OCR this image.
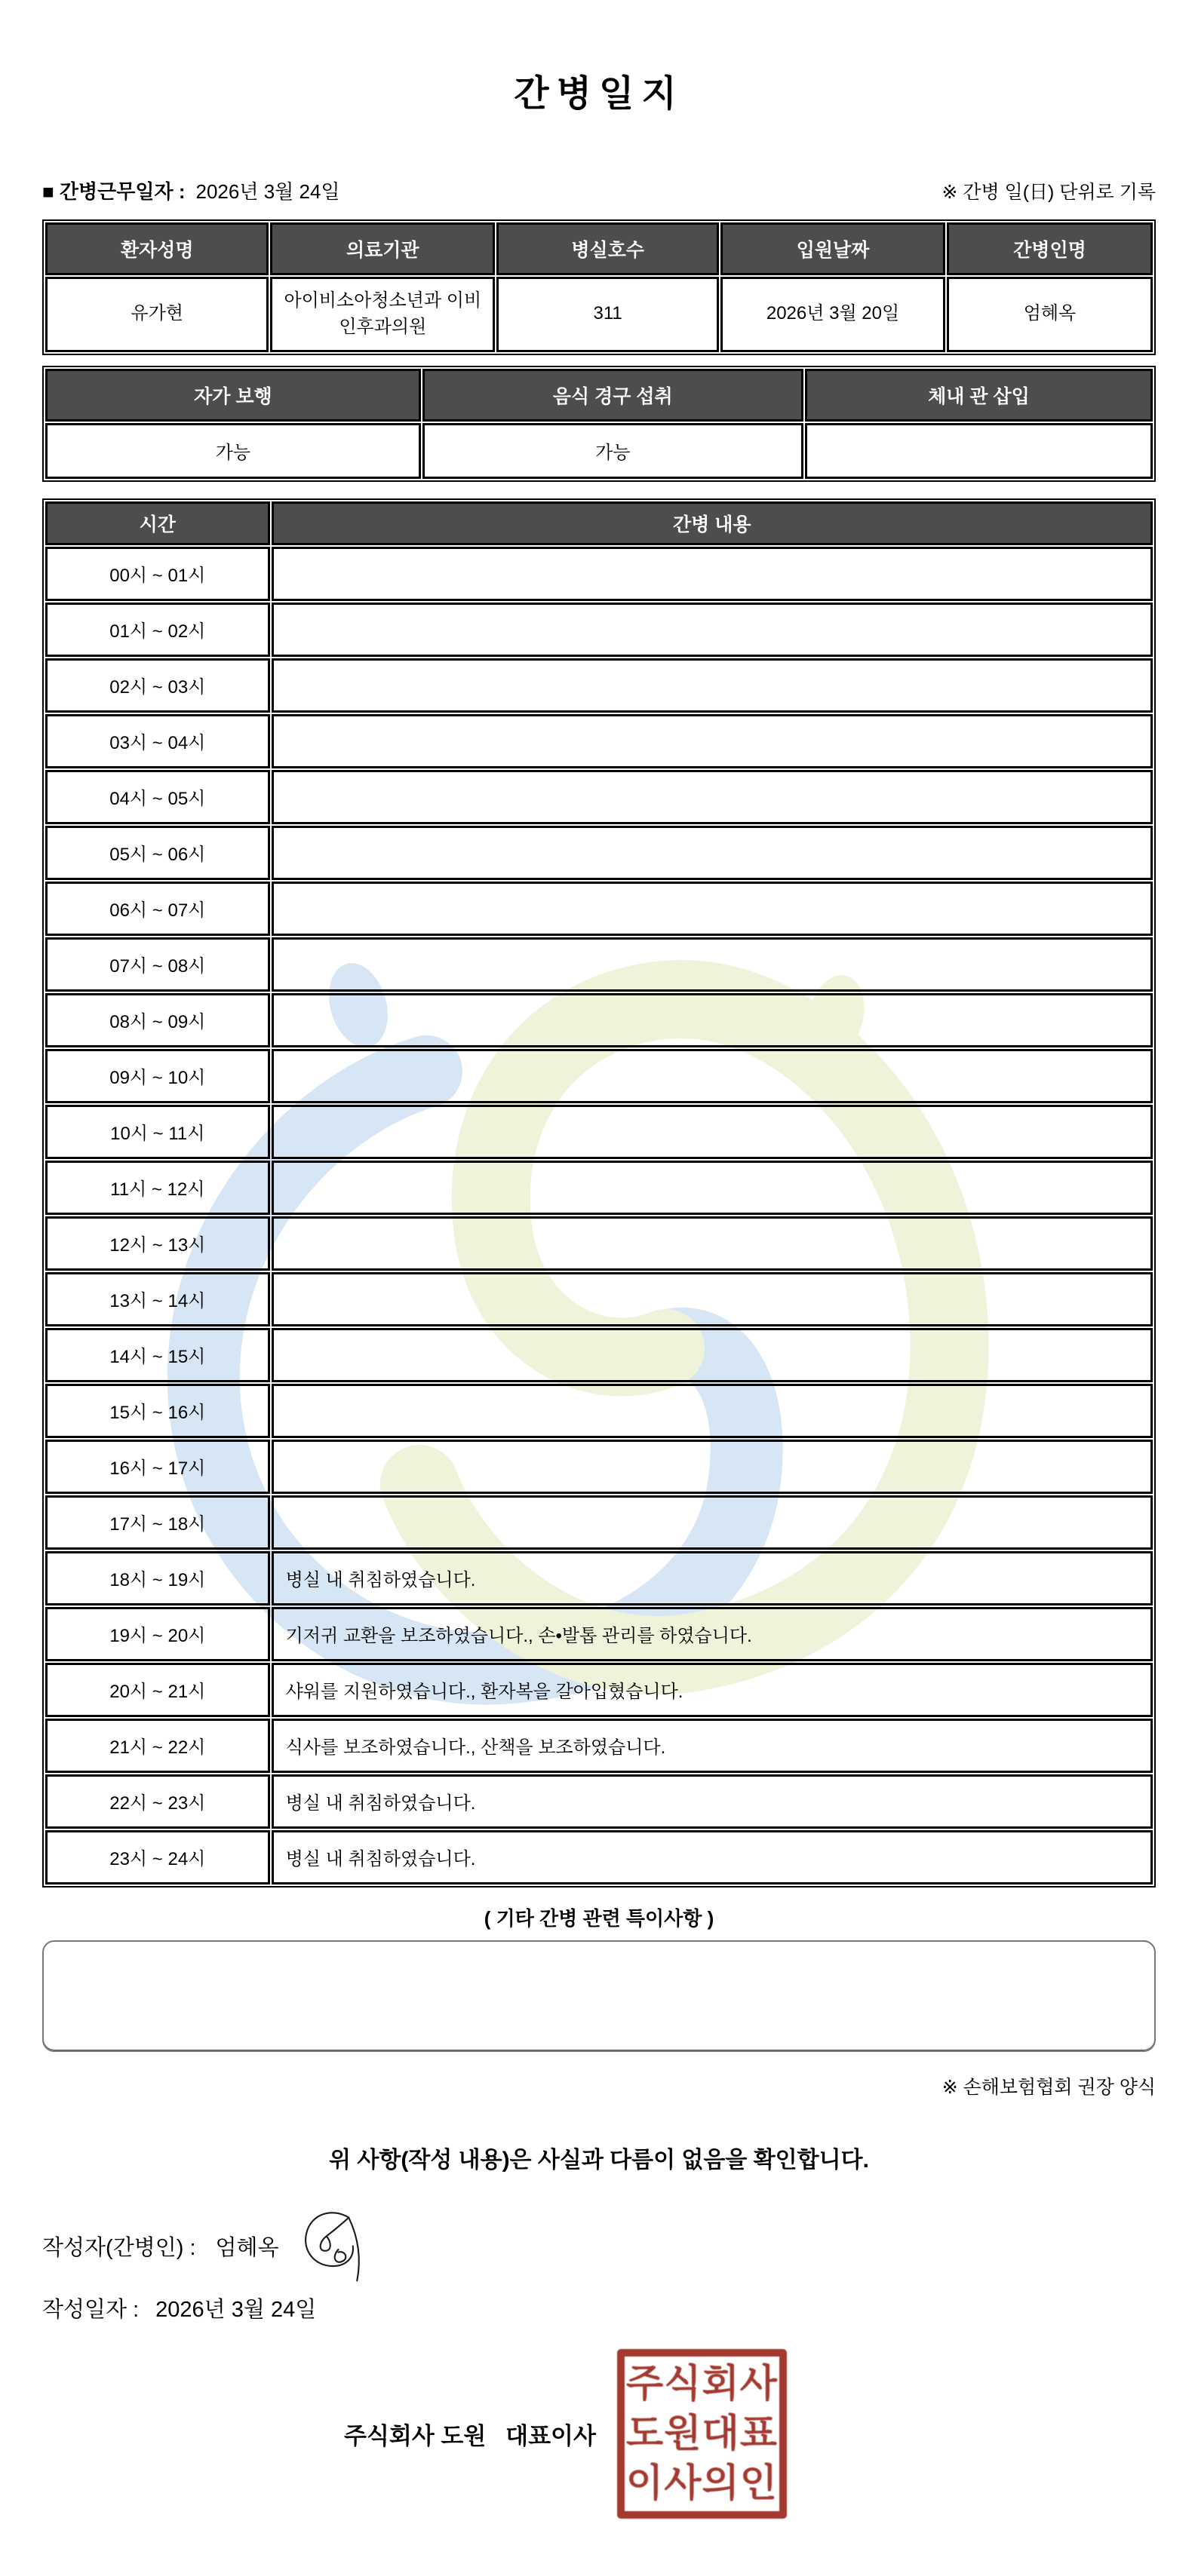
간병일지
■ 간병근무일자 : 2026년 3월 24일	※ 간병 일(日) 단위로 기록
환자성명	의료기관	병실호수	입원날짜	간병인명
유가현	아이비소아청소년과 이비인후과의원	311	2026년 3월 20일	엄혜옥
자가 보행	음식 경구 섭취	체내 관 삽입
가능	가능	
시간	간병 내용
00시 ~ 01시	
01시 ~ 02시	
02시 ~ 03시	
03시 ~ 04시	
04시 ~ 05시	
05시 ~ 06시	
06시 ~ 07시	
07시 ~ 08시	
08시 ~ 09시	
09시 ~ 10시	
10시 ~ 11시	
11시 ~ 12시	
12시 ~ 13시	
13시 ~ 14시	
14시 ~ 15시	
15시 ~ 16시	
16시 ~ 17시	
17시 ~ 18시	
18시 ~ 19시	병실 내 취침하였습니다.
19시 ~ 20시	기저귀 교환을 보조하였습니다., 손•발톱 관리를 하였습니다.
20시 ~ 21시	샤워를 지원하였습니다., 환자복을 갈아입혔습니다.
21시 ~ 22시	식사를 보조하였습니다., 산책을 보조하였습니다.
22시 ~ 23시	병실 내 취침하였습니다.
23시 ~ 24시	병실 내 취침하였습니다.
( 기타 간병 관련 특이사항 )
※ 손해보험협회 권장 양식
위 사항(작성 내용)은 사실과 다름이 없음을 확인합니다.
작성자(간병인) : 엄혜옥
작성일자 : 2026년 3월 24일
주식회사 도원   대표이사
주식회사
도원대표
이사의인
